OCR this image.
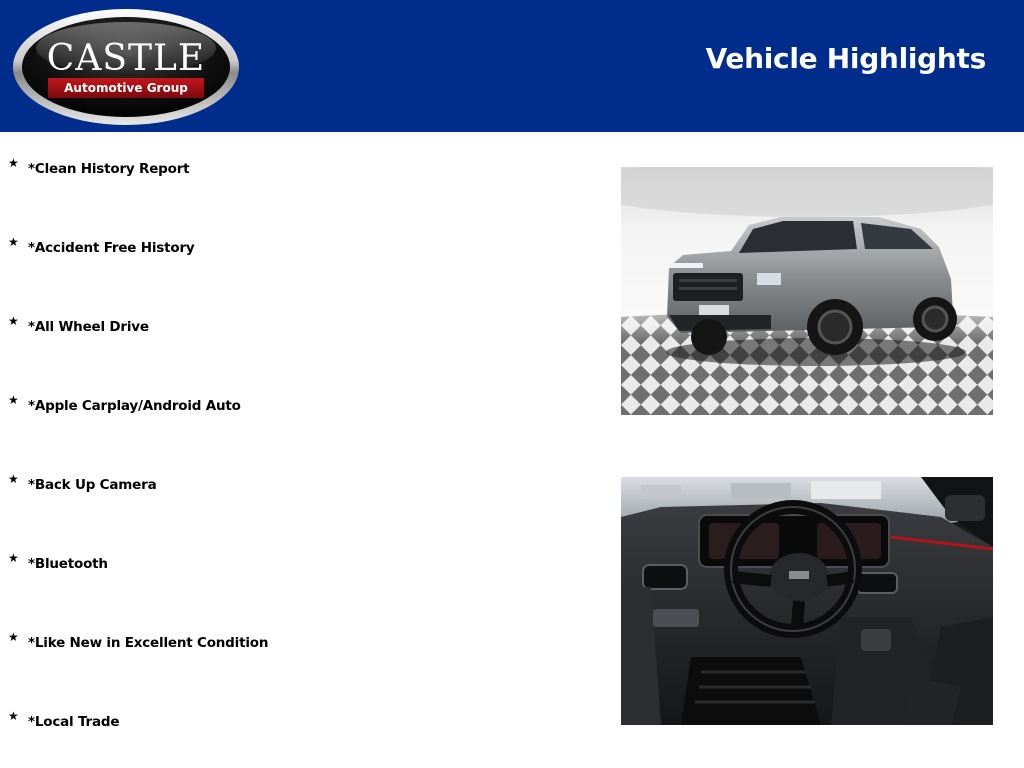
CASTLE
Automotive Group
Vehicle Highlights
★ *Clean History Report
★ *Accident Free History
★ *All Wheel Drive
★ *Apple Carplay/Android Auto
★ *Back Up Camera
★ *Bluetooth
★ *Like New in Excellent Condition
★ *Local Trade
